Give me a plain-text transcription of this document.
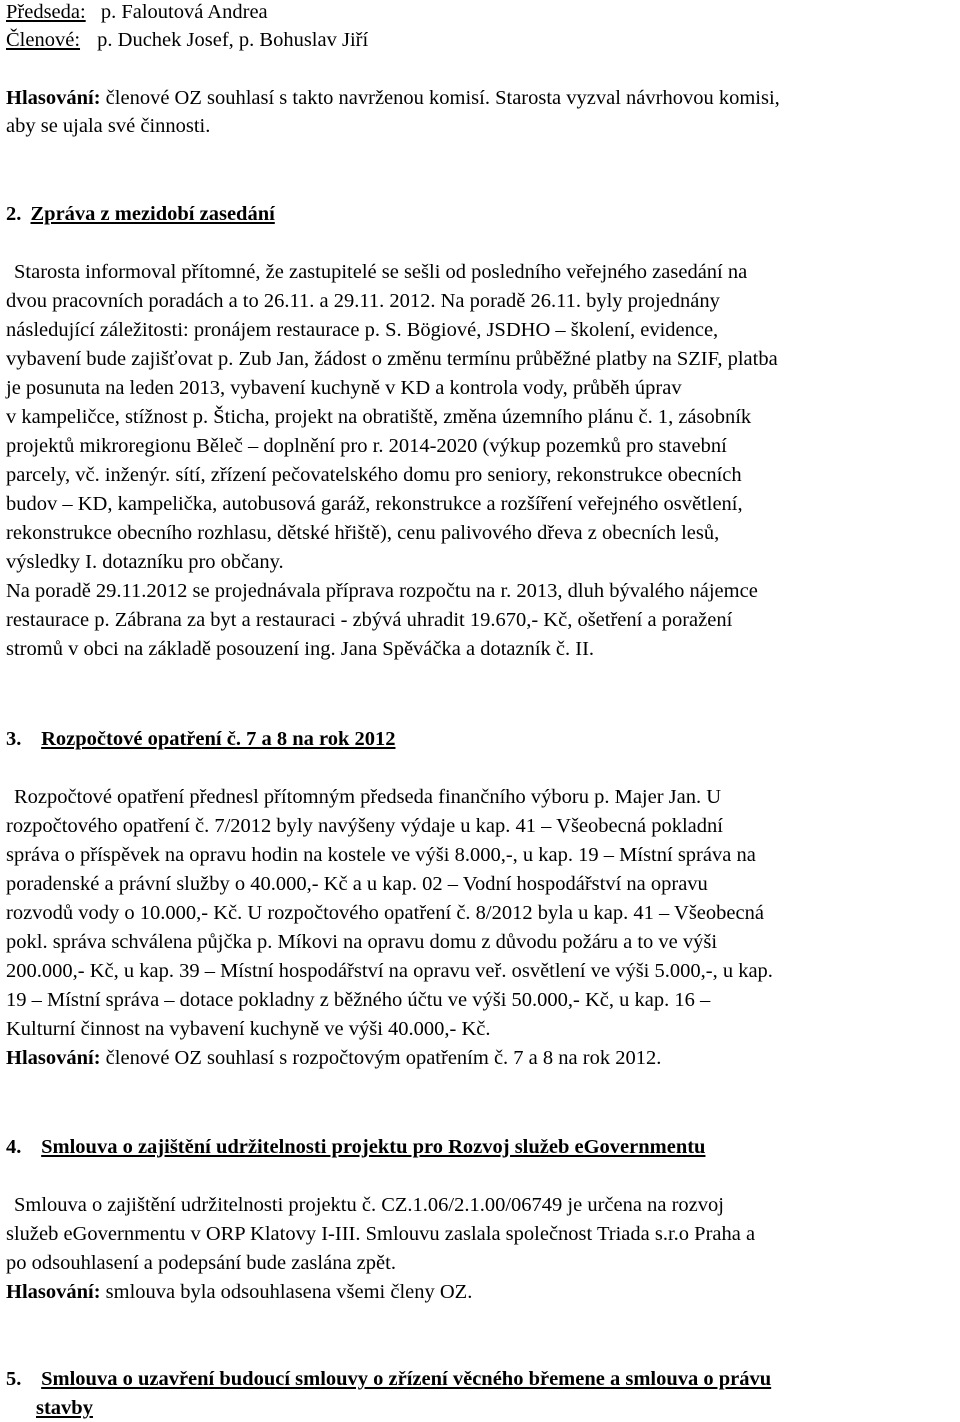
Předseda: p. Faloutová Andrea
Členové: p. Duchek Josef, p. Bohuslav Jiří
Hlasování: členové OZ souhlasí s takto navrženou komisí. Starosta vyzval návrhovou komisi,
aby se ujala své činnosti.
2. Zpráva z mezidobí zasedání
Starosta informoval přítomné, že zastupitelé se sešli od posledního veřejného zasedání na
dvou pracovních poradách a to 26.11. a 29.11. 2012. Na poradě 26.11. byly projednány
následující záležitosti: pronájem restaurace p. S. Bögiové, JSDHO – školení, evidence,
vybavení bude zajišťovat p. Zub Jan, žádost o změnu termínu průběžné platby na SZIF, platba
je posunuta na leden 2013, vybavení kuchyně v KD a kontrola vody, průběh úprav
v kampeličce, stížnost p. Šticha, projekt na obratiště, změna územního plánu č. 1, zásobník
projektů mikroregionu Běleč – doplnění pro r. 2014-2020 (výkup pozemků pro stavební
parcely, vč. inženýr. sítí, zřízení pečovatelského domu pro seniory, rekonstrukce obecních
budov – KD, kampelička, autobusová garáž, rekonstrukce a rozšíření veřejného osvětlení,
rekonstrukce obecního rozhlasu, dětské hřiště), cenu palivového dřeva z obecních lesů,
výsledky I. dotazníku pro občany.
Na poradě 29.11.2012 se projednávala příprava rozpočtu na r. 2013, dluh bývalého nájemce
restaurace p. Zábrana za byt a restauraci - zbývá uhradit 19.670,- Kč, ošetření a poražení
stromů v obci na základě posouzení ing. Jana Spěváčka a dotazník č. II.
3. Rozpočtové opatření č. 7 a 8 na rok 2012
Rozpočtové opatření přednesl přítomným předseda finančního výboru p. Majer Jan. U
rozpočtového opatření č. 7/2012 byly navýšeny výdaje u kap. 41 – Všeobecná pokladní
správa o příspěvek na opravu hodin na kostele ve výši 8.000,-, u kap. 19 – Místní správa na
poradenské a právní služby o 40.000,- Kč a u kap. 02 – Vodní hospodářství na opravu
rozvodů vody o 10.000,- Kč. U rozpočtového opatření č. 8/2012 byla u kap. 41 – Všeobecná
pokl. správa schválena půjčka p. Míkovi na opravu domu z důvodu požáru a to ve výši
200.000,- Kč, u kap. 39 – Místní hospodářství na opravu veř. osvětlení ve výši 5.000,-, u kap.
19 – Místní správa – dotace pokladny z běžného účtu ve výši 50.000,- Kč, u kap. 16 –
Kulturní činnost na vybavení kuchyně ve výši 40.000,- Kč.
Hlasování: členové OZ souhlasí s rozpočtovým opatřením č. 7 a 8 na rok 2012.
4. Smlouva o zajištění udržitelnosti projektu pro Rozvoj služeb eGovernmentu
Smlouva o zajištění udržitelnosti projektu č. CZ.1.06/2.1.00/06749 je určena na rozvoj
služeb eGovernmentu v ORP Klatovy I-III. Smlouvu zaslala společnost Triada s.r.o Praha a
po odsouhlasení a podepsání bude zaslána zpět.
Hlasování: smlouva byla odsouhlasena všemi členy OZ.
5. Smlouva o uzavření budoucí smlouvy o zřízení věcného břemene a smlouva o právu
stavby
